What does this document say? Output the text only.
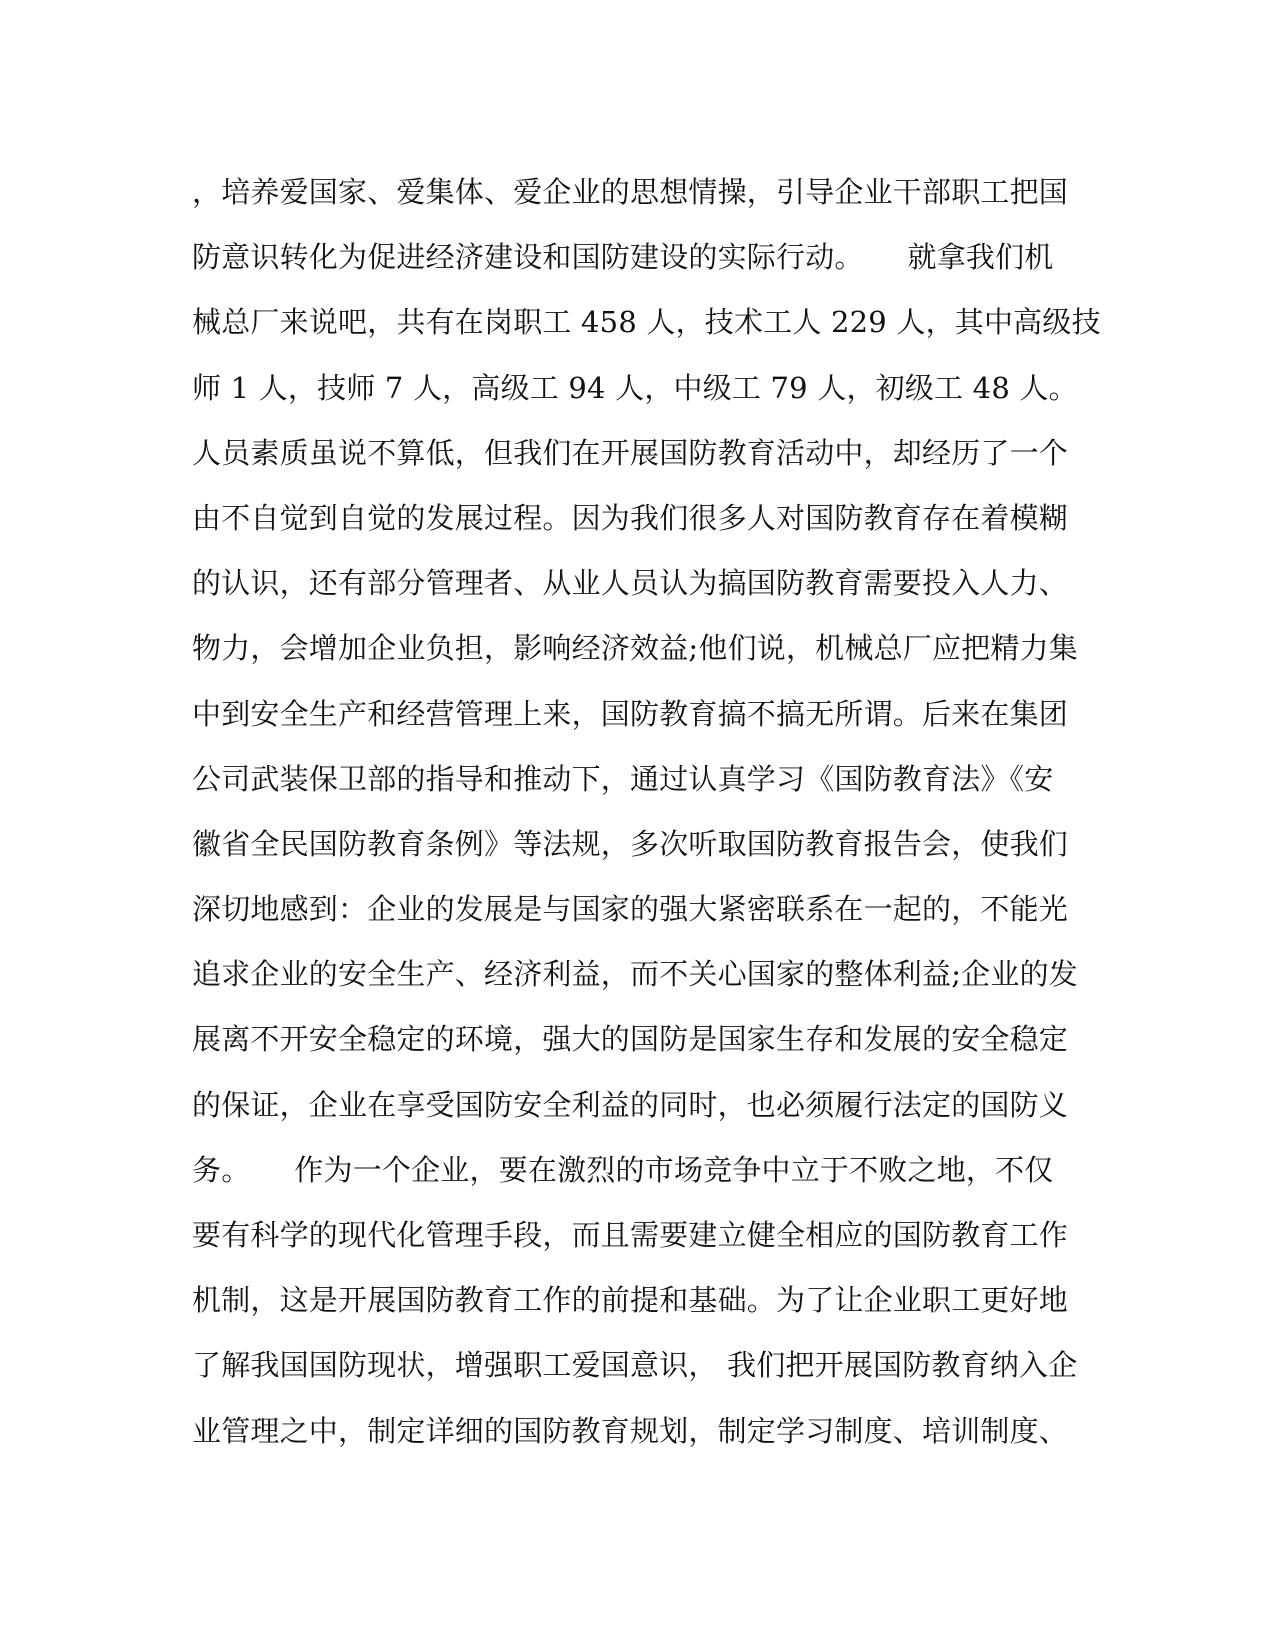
，培养爱国家、爱集体、爱企业的思想情操，引导企业干部职工把国
防意识转化为促进经济建设和国防建设的实际行动。　　就拿我们机
械总厂来说吧，共有在岗职工 458 人，技术工人 229 人，其中高级技
师 1 人，技师 7 人，高级工 94 人，中级工 79 人，初级工 48 人。
人员素质虽说不算低，但我们在开展国防教育活动中，却经历了一个
由不自觉到自觉的发展过程。因为我们很多人对国防教育存在着模糊
的认识，还有部分管理者、从业人员认为搞国防教育需要投入人力、
物力，会增加企业负担，影响经济效益;他们说，机械总厂应把精力集
中到安全生产和经营管理上来，国防教育搞不搞无所谓。后来在集团
公司武装保卫部的指导和推动下，通过认真学习《国防教育法》《安
徽省全民国防教育条例》等法规，多次听取国防教育报告会，使我们
深切地感到：企业的发展是与国家的强大紧密联系在一起的，不能光
追求企业的安全生产、经济利益，而不关心国家的整体利益;企业的发
展离不开安全稳定的环境，强大的国防是国家生存和发展的安全稳定
的保证，企业在享受国防安全利益的同时，也必须履行法定的国防义
务。　　作为一个企业，要在激烈的市场竞争中立于不败之地，不仅
要有科学的现代化管理手段，而且需要建立健全相应的国防教育工作
机制，这是开展国防教育工作的前提和基础。为了让企业职工更好地
了解我国国防现状，增强职工爱国意识， 我们把开展国防教育纳入企
业管理之中，制定详细的国防教育规划，制定学习制度、培训制度、
